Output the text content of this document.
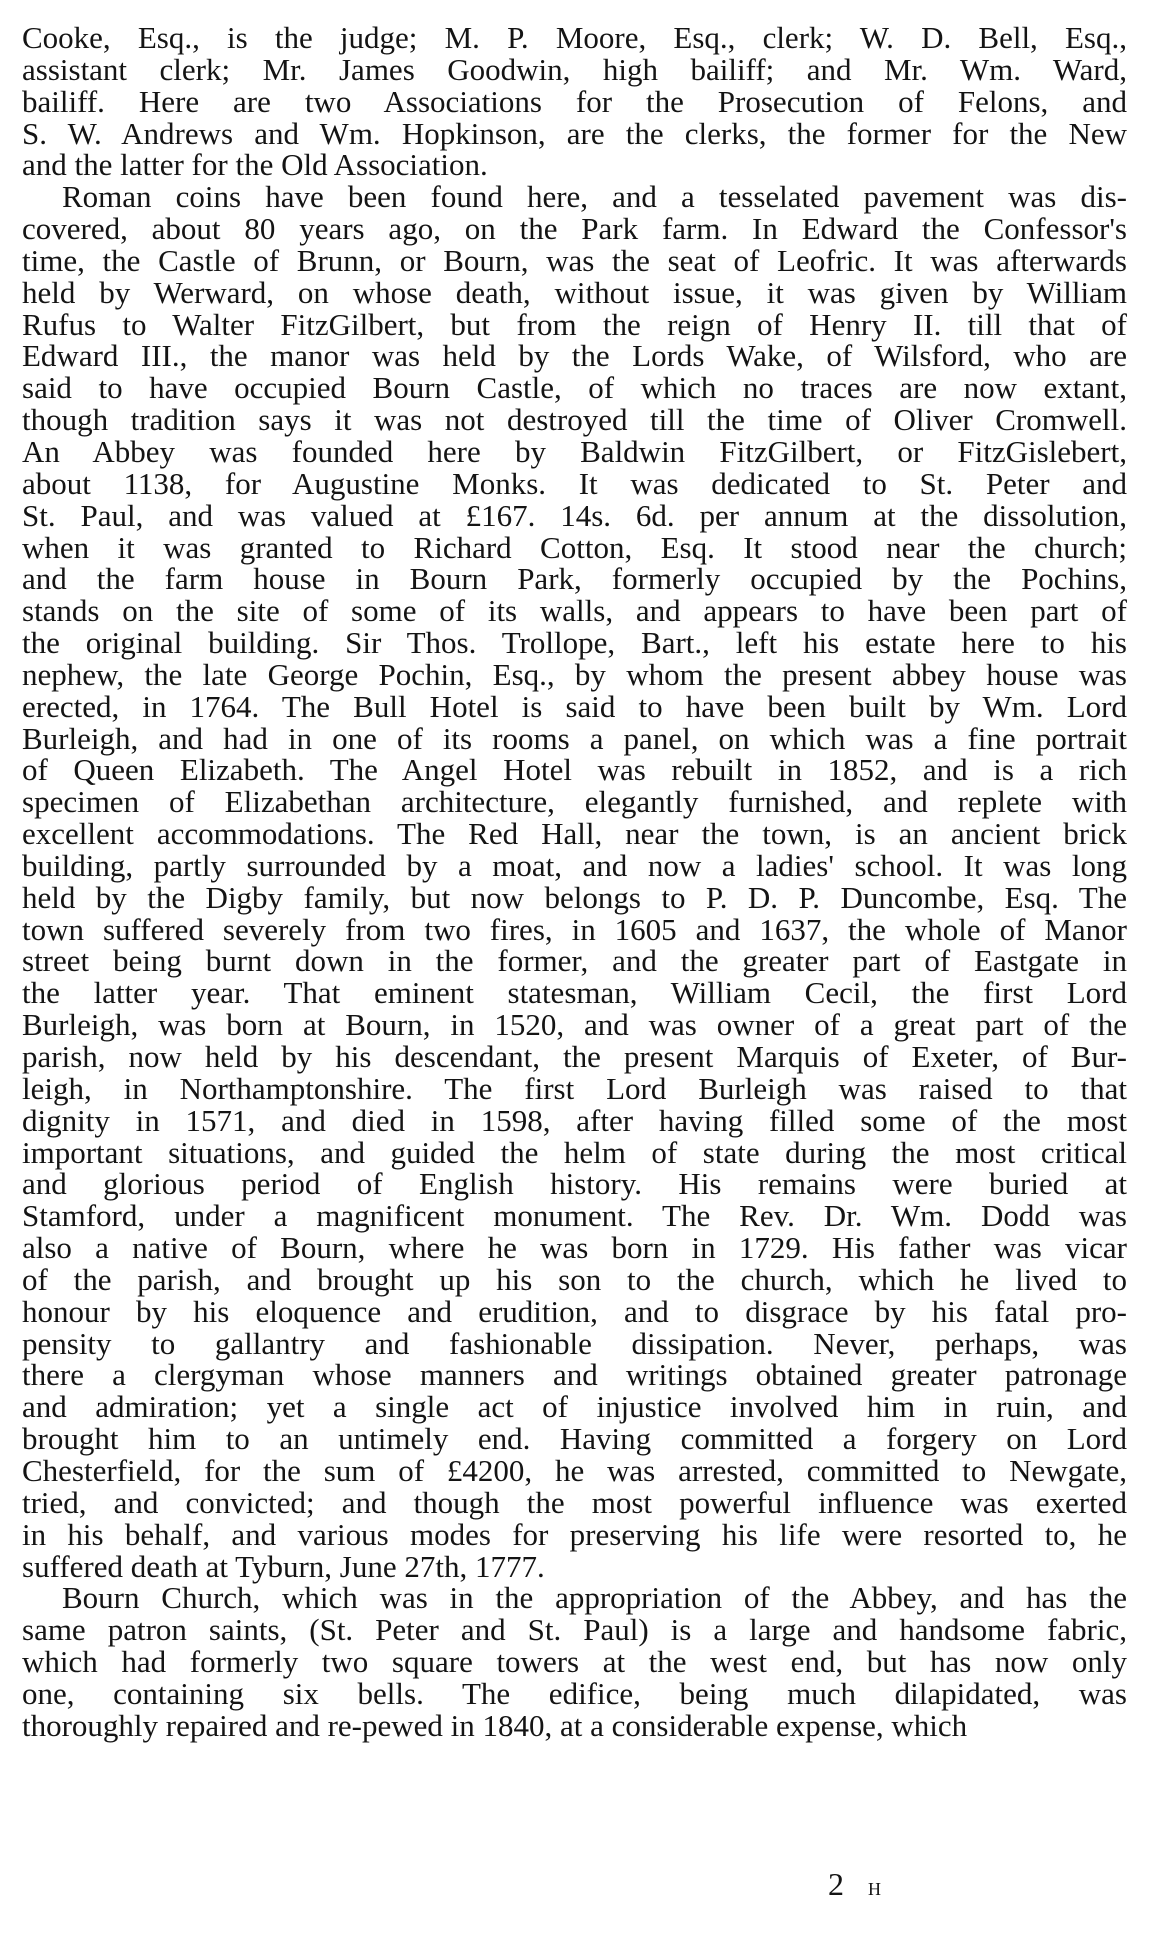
Cooke, Esq., is the judge; M. P. Moore, Esq., clerk; W. D. Bell, Esq.,
assistant clerk; Mr. James Goodwin, high bailiff; and Mr. Wm. Ward,
bailiff. Here are two Associations for the Prosecution of Felons, and
S. W. Andrews and Wm. Hopkinson, are the clerks, the former for the New
and the latter for the Old Association.

Roman coins have been found here, and a tesselated pavement was dis-
covered, about 80 years ago, on the Park farm. In Edward the Confessor's
time, the Castle of Brunn, or Bourn, was the seat of Leofric. It was afterwards
held by Werward, on whose death, without issue, it was given by William
Rufus to Walter FitzGilbert, but from the reign of Henry II. till that of
Edward III., the manor was held by the Lords Wake, of Wilsford, who are
said to have occupied Bourn Castle, of which no traces are now extant,
though tradition says it was not destroyed till the time of Oliver Cromwell.
An Abbey was founded here by Baldwin FitzGilbert, or FitzGislebert,
about 1138, for Augustine Monks. It was dedicated to St. Peter and
St. Paul, and was valued at £167. 14s. 6d. per annum at the dissolution,
when it was granted to Richard Cotton, Esq. It stood near the church;
and the farm house in Bourn Park, formerly occupied by the Pochins,
stands on the site of some of its walls, and appears to have been part of
the original building. Sir Thos. Trollope, Bart., left his estate here to his
nephew, the late George Pochin, Esq., by whom the present abbey house was
erected, in 1764. The Bull Hotel is said to have been built by Wm. Lord
Burleigh, and had in one of its rooms a panel, on which was a fine portrait
of Queen Elizabeth. The Angel Hotel was rebuilt in 1852, and is a rich
specimen of Elizabethan architecture, elegantly furnished, and replete with
excellent accommodations. The Red Hall, near the town, is an ancient brick
building, partly surrounded by a moat, and now a ladies' school. It was long
held by the Digby family, but now belongs to P. D. P. Duncombe, Esq. The
town suffered severely from two fires, in 1605 and 1637, the whole of Manor
street being burnt down in the former, and the greater part of Eastgate in
the latter year. That eminent statesman, William Cecil, the first Lord
Burleigh, was born at Bourn, in 1520, and was owner of a great part of the
parish, now held by his descendant, the present Marquis of Exeter, of Bur-
leigh, in Northamptonshire. The first Lord Burleigh was raised to that
dignity in 1571, and died in 1598, after having filled some of the most
important situations, and guided the helm of state during the most critical
and glorious period of English history. His remains were buried at
Stamford, under a magnificent monument. The Rev. Dr. Wm. Dodd was
also a native of Bourn, where he was born in 1729. His father was vicar
of the parish, and brought up his son to the church, which he lived to
honour by his eloquence and erudition, and to disgrace by his fatal pro-
pensity to gallantry and fashionable dissipation. Never, perhaps, was
there a clergyman whose manners and writings obtained greater patronage
and admiration; yet a single act of injustice involved him in ruin, and
brought him to an untimely end. Having committed a forgery on Lord
Chesterfield, for the sum of £4200, he was arrested, committed to Newgate,
tried, and convicted; and though the most powerful influence was exerted
in his behalf, and various modes for preserving his life were resorted to, he
suffered death at Tyburn, June 27th, 1777.

Bourn Church, which was in the appropriation of the Abbey, and has the
same patron saints, (St. Peter and St. Paul) is a large and handsome fabric,
which had formerly two square towers at the west end, but has now only
one, containing six bells. The edifice, being much dilapidated, was
thoroughly repaired and re-pewed in 1840, at a considerable expense, which

2 H
